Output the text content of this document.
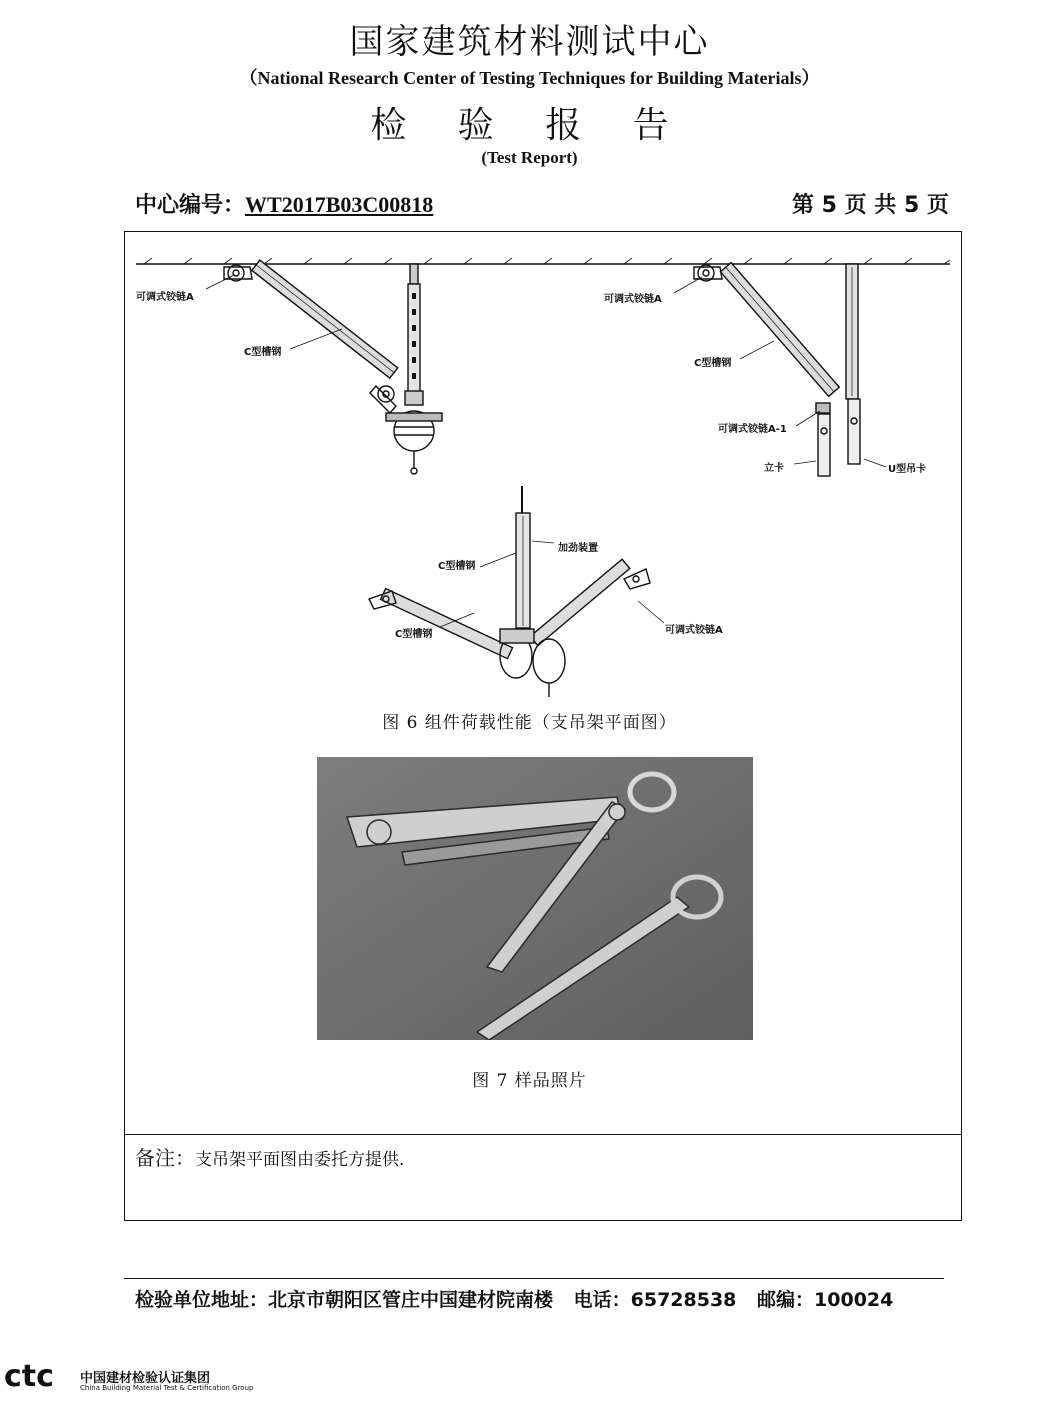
国家建筑材料测试中心
（National Research Center of Testing Techniques for Building Materials）
检 验 报 告
(Test Report)
中心编号：WT2017B03C00818	第 5 页 共 5 页
可调式铰链A
C型槽钢
可调式铰链A
C型槽钢
可调式铰链A-1
立卡	U型吊卡
加劲装置
C型槽钢
C型槽钢	可调式铰链A
图 6 组件荷载性能（支吊架平面图）
图 7 样品照片
备注：支吊架平面图由委托方提供.
检验单位地址：北京市朝阳区管庄中国建材院南楼 电话：65728538 邮编：100024
ctc 中国建材检验认证集团
China Building Material Test & Certification Group
